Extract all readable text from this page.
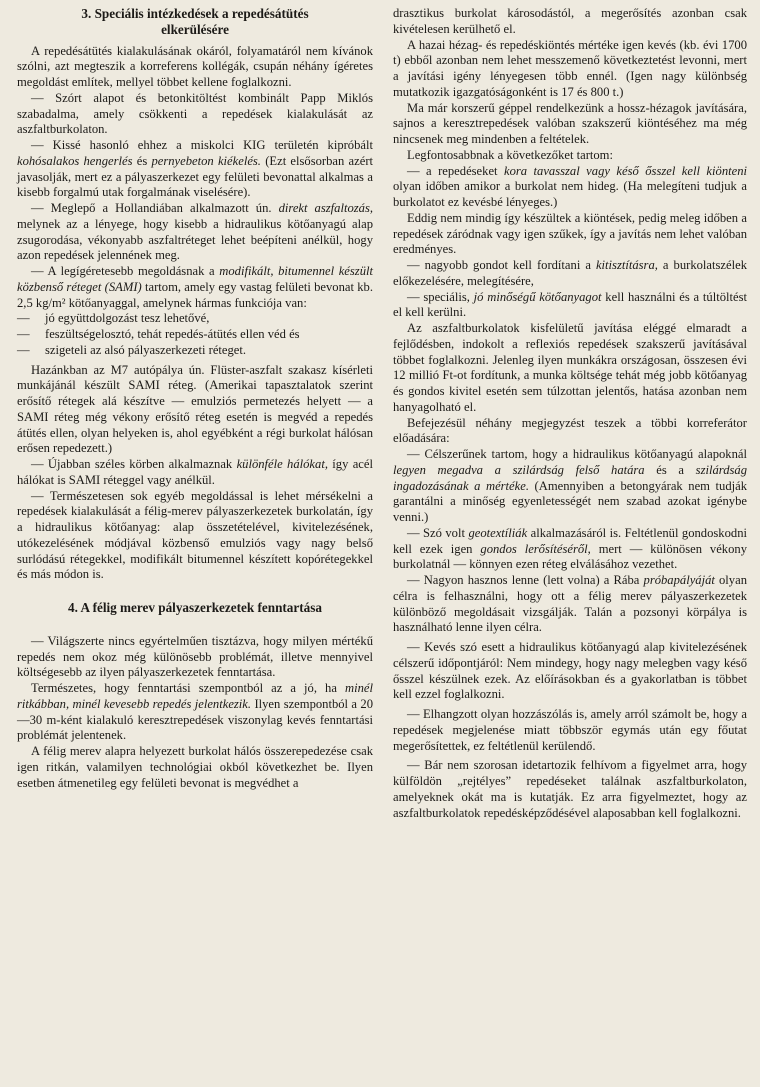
3. Speciális intézkedések a repedésátütés
elkerülésére

A repedésátütés kialakulásának okáról, folyamatáról nem kívánok szólni, azt megteszik a korreferens kollégák, csupán néhány ígéretes megoldást említek, mellyel többet kellene foglalkozni.

— Szórt alapot és betonkitöltést kombinált Papp Miklós szabadalma, amely csökkenti a repedések kialakulását az aszfaltburkolaton.

— Kissé hasonló ehhez a miskolci KIG területén kipróbált kohósalakos hengerlés és pernyebeton kiékelés. (Ezt elsősorban azért javasolják, mert ez a pályaszerkezet egy felületi bevonattal alkalmas a kisebb forgalmú utak forgalmának viselésére).

— Meglepő a Hollandiában alkalmazott ún. direkt aszfaltozás, melynek az a lényege, hogy kisebb a hidraulikus kötőanyagú alap zsugorodása, vékonyabb aszfaltréteget lehet beépíteni anélkül, hogy azon repedések jelennének meg.

— A legígéretesebb megoldásnak a modifikált, bitumennel készült közbenső réteget (SAMI) tartom, amely egy vastag felületi bevonat kb. 2,5 kg/m² kötőanyaggal, amelynek hármas funkciója van:

— jó együttdolgozást tesz lehetővé,
— feszültségelosztó, tehát repedés-átütés ellen véd és
— szigeteli az alsó pályaszerkezeti réteget.

Hazánkban az M7 autópálya ún. Flüster-aszfalt szakasz kísérleti munkájánál készült SAMI réteg. (Amerikai tapasztalatok szerint erősítő rétegek alá készítve — emulziós permetezés helyett — a SAMI réteg még vékony erősítő réteg esetén is megvéd a repedés átütés ellen, olyan helyeken is, ahol egyébként a régi burkolat hálósan erősen repedezett.)

— Újabban széles körben alkalmaznak különféle hálókat, így acél hálókat is SAMI réteggel vagy anélkül.

— Természetesen sok egyéb megoldással is lehet mérsékelni a repedések kialakulását a félig-merev pályaszerkezetek burkolatán, így a hidraulikus kötőanyag: alap összetételével, kivitelezésének, utókezelésének módjával közbenső emulziós vagy nagy belső surlódású rétegekkel, modifikált bitumennel készített kopórétegekkel és más módon is.

4. A félig merev pályaszerkezetek fenntartása

— Világszerte nincs egyértelműen tisztázva, hogy milyen mértékű repedés nem okoz még különösebb problémát, illetve mennyivel költségesebb az ilyen pályaszerkezetek fenntartása.

Természetes, hogy fenntartási szempontból az a jó, ha minél ritkábban, minél kevesebb repedés jelentkezik. Ilyen szempontból a 20—30 m-ként kialakuló keresztrepedések viszonylag kevés fenntartási problémát jelentenek.

A félig merev alapra helyezett burkolat hálós összerepedezése csak igen ritkán, valamilyen technológiai okból következhet be. Ilyen esetben átmenetileg egy felületi bevonat is megvédhet a

drasztikus burkolat károsodástól, a megerősítés azonban csak kivételesen kerülhető el.

A hazai hézag- és repedéskiöntés mértéke igen kevés (kb. évi 1700 t) ebből azonban nem lehet messzemenő következtetést levonni, mert a javítási igény lényegesen több ennél. (Igen nagy különbség mutatkozik igazgatóságonként is 17 és 800 t.)

Ma már korszerű géppel rendelkezünk a hossz-hézagok javítására, sajnos a keresztrepedések valóban szakszerű kiöntéséhez ma még nincsenek meg mindenben a feltételek.

Legfontosabbnak a következőket tartom:

— a repedéseket kora tavasszal vagy késő ősszel kell kiönteni olyan időben amikor a burkolat nem hideg. (Ha melegíteni tudjuk a burkolatot ez kevésbé lényeges.)

Eddig nem mindig így készültek a kiöntések, pedig meleg időben a repedések záródnak vagy igen szűkek, így a javítás nem lehet valóban eredményes.

— nagyobb gondot kell fordítani a kitisztításra, a burkolatszélek előkezelésére, melegítésére,

— speciális, jó minőségű kötőanyagot kell használni és a túltöltést el kell kerülni.

Az aszfaltburkolatok kisfelületű javítása eléggé elmaradt a fejlődésben, indokolt a reflexiós repedések szakszerű javításával többet foglalkozni. Jelenleg ilyen munkákra országosan, összesen évi 12 millió Ft-ot fordítunk, a munka költsége tehát még jobb kötőanyag és gondos kivitel esetén sem túlzottan jelentős, hatása azonban nem hanyagolható el.

Befejezésül néhány megjegyzést teszek a többi korreferátor előadására:

— Célszerűnek tartom, hogy a hidraulikus kötőanyagú alapoknál legyen megadva a szilárdság felső határa és a szilárdság ingadozásának a mértéke. (Amennyiben a betongyárak nem tudják garantálni a minőség egyenletességét nem szabad azokat igénybe venni.)

— Szó volt geotextíliák alkalmazásáról is. Feltétlenül gondoskodni kell ezek igen gondos lerősítéséről, mert — különösen vékony burkolatnál — könnyen ezen réteg elválásához vezethet.

— Nagyon hasznos lenne (lett volna) a Rába próbapályáját olyan célra is felhasználni, hogy ott a félig merev pályaszerkezetek különböző megoldásait vizsgálják. Talán a pozsonyi körpálya is használható lenne ilyen célra.

— Kevés szó esett a hidraulikus kötőanyagú alap kivitelezésének célszerű időpontjáról: Nem mindegy, hogy nagy melegben vagy késő ősszel készülnek ezek. Az előírásokban és a gyakorlatban is többet kell ezzel foglalkozni.

— Elhangzott olyan hozzászólás is, amely arról számolt be, hogy a repedések megjelenése miatt többször egymás után egy főutat megerősítettek, ez feltétlenül kerülendő.

— Bár nem szorosan idetartozik felhívom a figyelmet arra, hogy külföldön „rejtélyes” repedéseket találnak aszfaltburkolaton, amelyeknek okát ma is kutatják. Ez arra figyelmeztet, hogy az aszfaltburkolatok repedésképződésével alaposabban kell foglalkozni.
